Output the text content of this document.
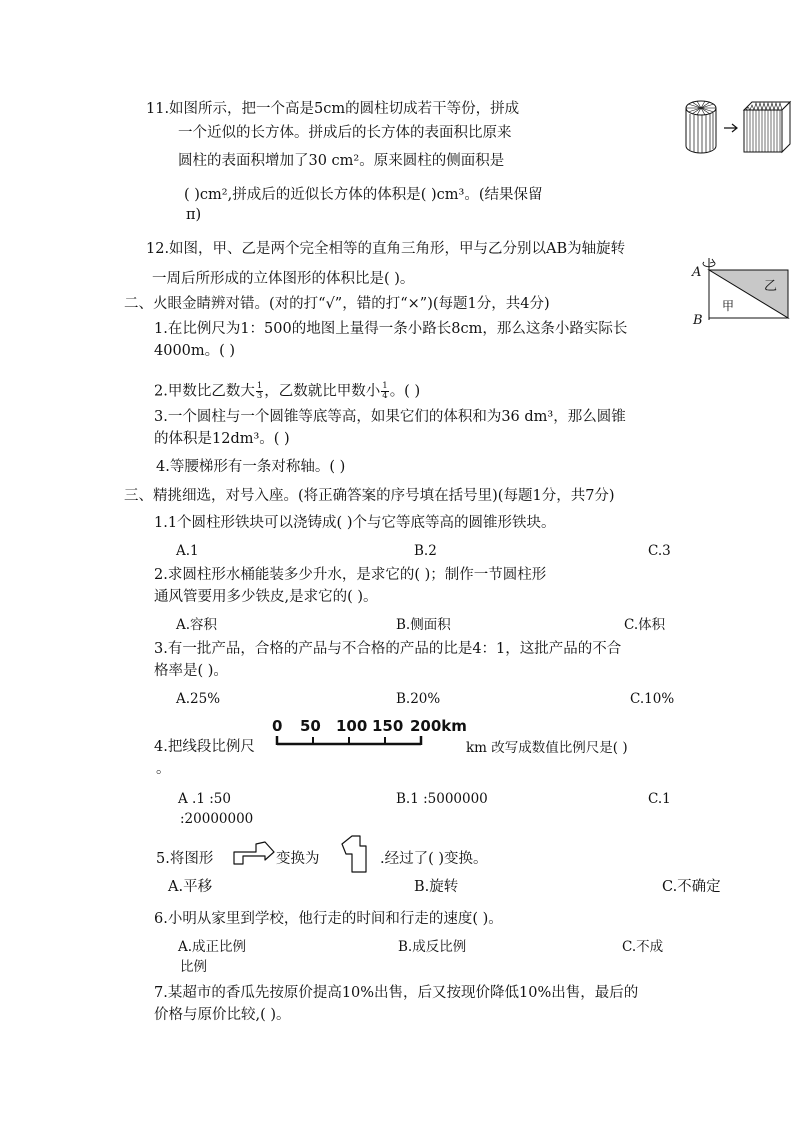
11.如图所示，把一个高是5cm的圆柱切成若干等份，拼成
一个近似的长方体。拼成后的长方体的表面积比原来
圆柱的表面积增加了30 cm²。原来圆柱的侧面积是
( )cm²,拼成后的近似长方体的体积是( )cm³。(结果保留
π)
12.如图，甲、乙是两个完全相等的直角三角形，甲与乙分别以AB为轴旋转
一周后所形成的立体图形的体积比是( )。	A
B
甲
乙
二、火眼金睛辨对错。(对的打“√”，错的打“×”)(每题1分，共4分)
1.在比例尺为1：500的地图上量得一条小路长8cm，那么这条小路实际长
4000m。( )
2.甲数比乙数大 $\frac{1}{3}$ ，乙数就比甲数小 $\frac{1}{4}$ 。( )
3.一个圆柱与一个圆锥等底等高，如果它们的体积和为36 dm³，那么圆锥
的体积是12dm³。( )
4.等腰梯形有一条对称轴。( )
三、精挑细选，对号入座。(将正确答案的序号填在括号里)(每题1分，共7分)
1.1个圆柱形铁块可以浇铸成( )个与它等底等高的圆锥形铁块。
A.1	B.2	C.3
2.求圆柱形水桶能装多少升水，是求它的( )；制作一节圆柱形
通风管要用多少铁皮,是求它的( )。
A.容积	B.侧面积	C.体积
3.有一批产品，合格的产品与不合格的产品的比是4：1，这批产品的不合
格率是( )。
A.25%	B.20%	C.10%
4.把线段比例尺
0 50 100 150 200km
km 改写成数值比例尺是( )
。
A .1 :50	B.1 :5000000	C.1
:20000000
5.将图形	变换为	.经过了( )变换。
A.平移	B.旋转	C.不确定
6.小明从家里到学校，他行走的时间和行走的速度( )。
A.成正比例	B.成反比例	C.不成
比例
7.某超市的香瓜先按原价提高10%出售，后又按现价降低10%出售，最后的
价格与原价比较,( )。
